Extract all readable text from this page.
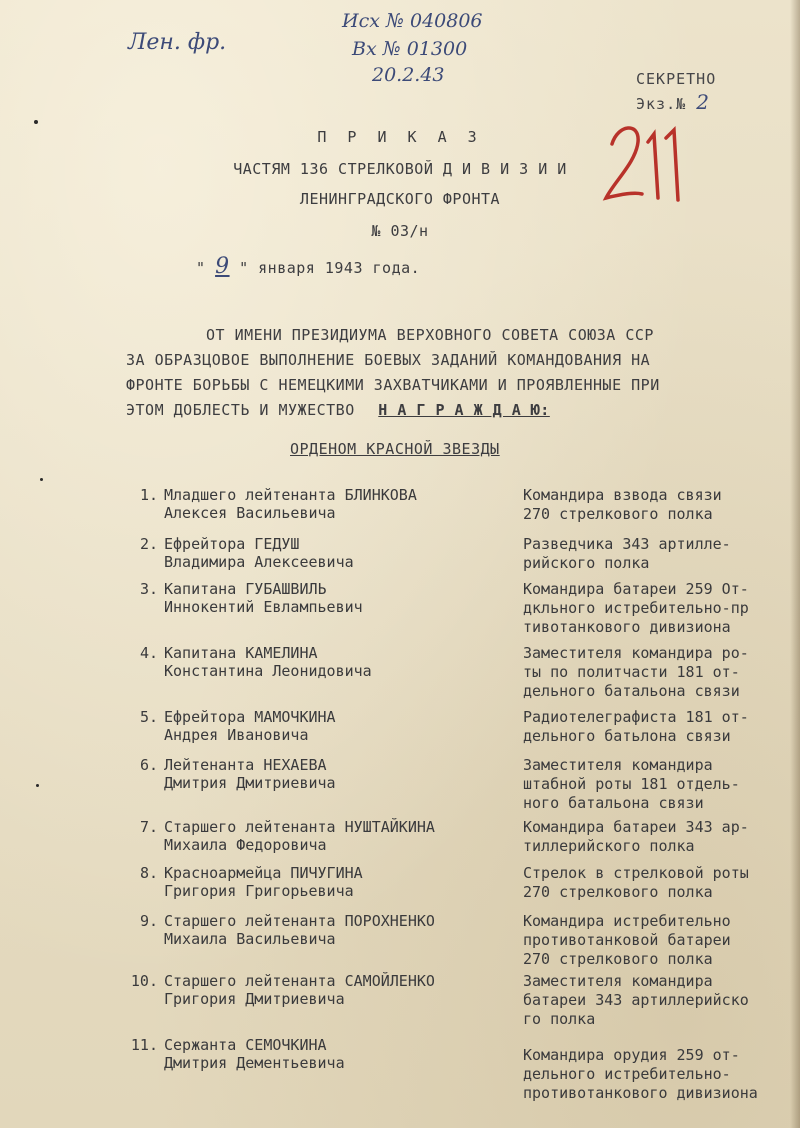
Лен. фр.
Исх № 040806
Вх № 01300
20.2.43	СЕКРЕТНО
Экз.№ 2
П Р И К А З
ЧАСТЯМ 136 СТРЕЛКОВОЙ Д И В И З И И
ЛЕНИНГРАДСКОГО ФРОНТА
№ 03/н
" 9 " января 1943 года.
ОТ ИМЕНИ ПРЕЗИДИУМА ВЕРХОВНОГО СОВЕТА СОЮЗА ССР
ЗА ОБРАЗЦОВОЕ ВЫПОЛНЕНИЕ БОЕВЫХ ЗАДАНИЙ КОМАНДОВАНИЯ НА
ФРОНТЕ БОРЬБЫ С НЕМЕЦКИМИ ЗАХВАТЧИКАМИ И ПРОЯВЛЕННЫЕ ПРИ
ЭТОМ ДОБЛЕСТЬ И МУЖЕСТВО Н А Г Р А Ж Д А Ю:
ОРДЕНОМ КРАСНОЙ ЗВЕЗДЫ
1. Младшего лейтенанта БЛИНКОВА
Алексея Васильевича
Командира взвода связи
270 стрелкового полка
2. Ефрейтора ГЕДУШ
Владимира Алексеевича
Разведчика 343 артилле-
рийского полка
3. Капитана ГУБАШВИЛЬ
Иннокентий Евлампьевич
Командира батареи 259 От-
дкльного истребительно-пр
тивотанкового дивизиона
4. Капитана КАМЕЛИНА
Константина Леонидовича
Заместителя командира ро-
ты по политчасти 181 от-
дельного батальона связи
5. Ефрейтора МАМОЧКИНА
Андрея Ивановича
Радиотелеграфиста 181 от-
дельного батьлона связи
6. Лейтенанта НЕХАЕВА
Дмитрия Дмитриевича
Заместителя командира
штабной роты 181 отдель-
ного батальона связи
7. Старшего лейтенанта НУШТАЙКИНА
Михаила Федоровича
Командира батареи 343 ар-
тиллерийского полка
8. Красноармейца ПИЧУГИНА
Григория Григорьевича
Стрелок в стрелковой роты
270 стрелкового полка
9. Старшего лейтенанта ПОРОХНЕНКО
Михаила Васильевича
Командира истребительно
противотанковой батареи
270 стрелкового полка
10. Старшего лейтенанта САМОЙЛЕНКО
Григория Дмитриевича
Заместителя командира
батареи 343 артиллерийско
го полка
11. Сержанта СЕМОЧКИНА
Дмитрия Дементьевича	Командира орудия 259 от-
дельного истребительно-
противотанкового дивизиона
